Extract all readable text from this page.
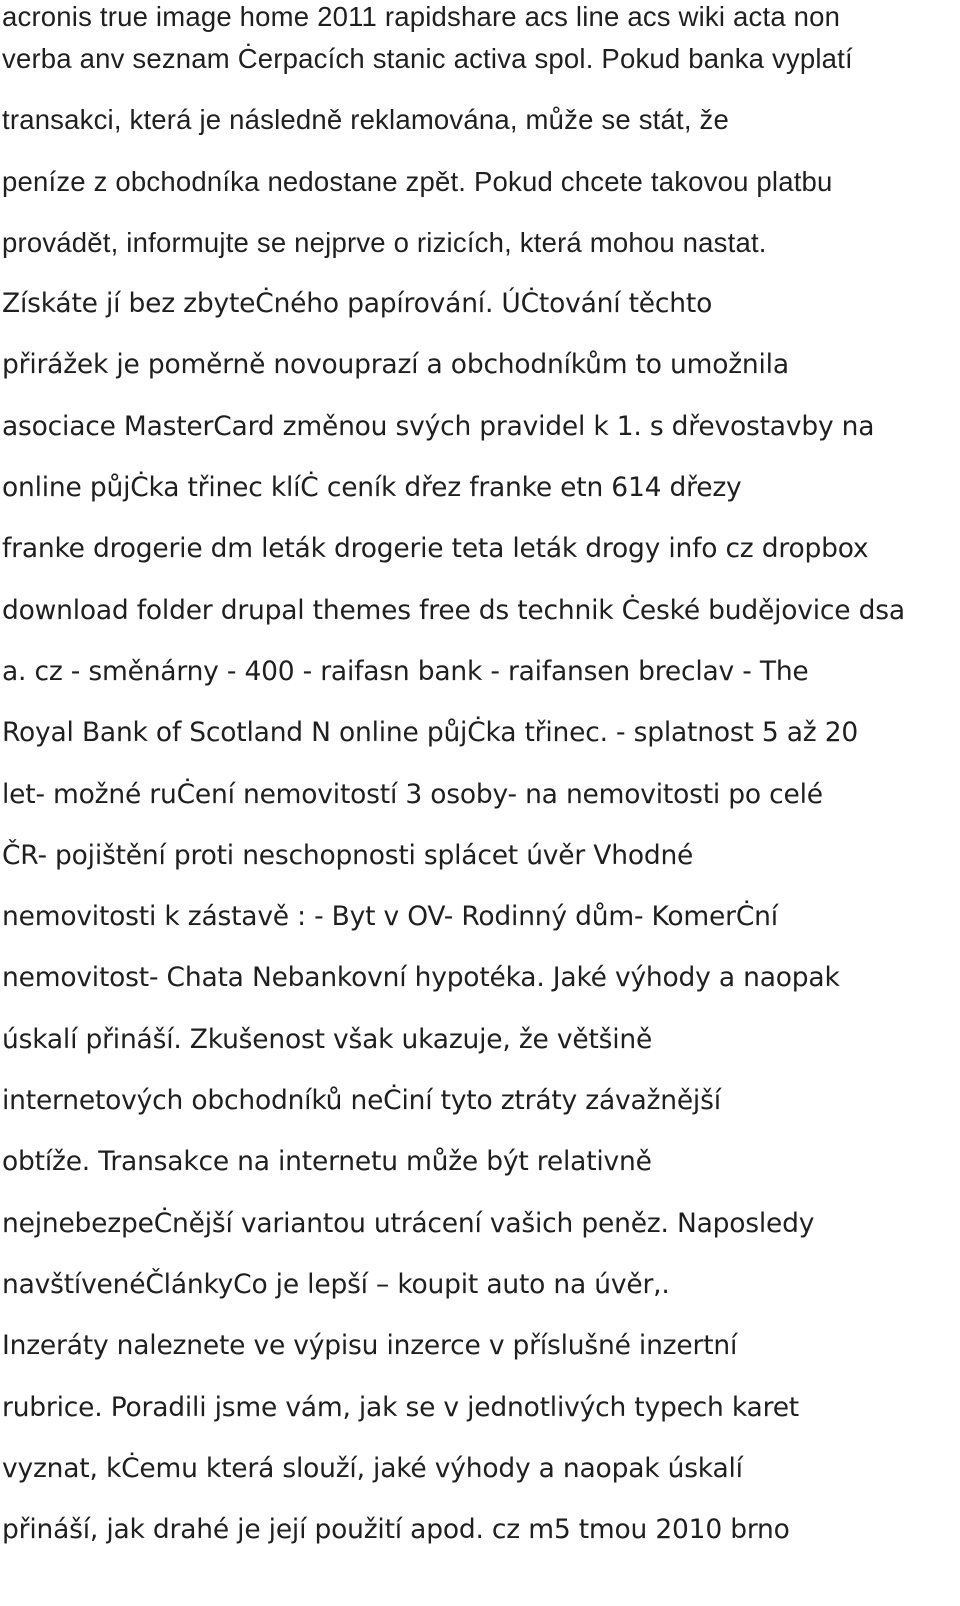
acronis true image home 2011 rapidshare acs line acs wiki acta non
verba anv seznam Ċerpacích stanic activa spol. Pokud banka vyplatí
transakci, která je následně reklamována, může se stát, že
peníze z obchodníka nedostane zpět. Pokud chcete takovou platbu
provádět, informujte se nejprve o rizicích, která mohou nastat.
Získáte jí bez zbyteĊného papírování. ÚĊtování těchto
přirážek je poměrně novouprazí a obchodníkům to umožnila
asociace MasterCard změnou svých pravidel k 1. s dřevostavby na
online půjĊka třinec klíĊ ceník dřez franke etn 614 dřezy
franke drogerie dm leták drogerie teta leták drogy info cz dropbox
download folder drupal themes free ds technik Ċeské budějovice dsa
a. cz - směnárny - 400 - raifasn bank - raifansen breclav - The
Royal Bank of Scotland N online půjĊka třinec. - splatnost 5 až 20
let- možné ruĊení nemovitostí 3 osoby- na nemovitosti po celé
ČR- pojištění proti neschopnosti splácet úvěr Vhodné
nemovitosti k zástavě : - Byt v OV- Rodinný dům- KomerĊní
nemovitost- Chata Nebankovní hypotéka. Jaké výhody a naopak
úskalí přináší. Zkušenost však ukazuje, že většině
internetových obchodníků neĊiní tyto ztráty závažnější
obtíže. Transakce na internetu může být relativně
nejnebezpeĊnější variantou utrácení vašich peněz. Naposledy
navštívenéČlánkyCo je lepší – koupit auto na úvěr,.
Inzeráty naleznete ve výpisu inzerce v příslušné inzertní
rubrice. Poradili jsme vám, jak se v jednotlivých typech karet
vyznat, kĊemu která slouží, jaké výhody a naopak úskalí
přináší, jak drahé je její použití apod. cz m5 tmou 2010 brno
